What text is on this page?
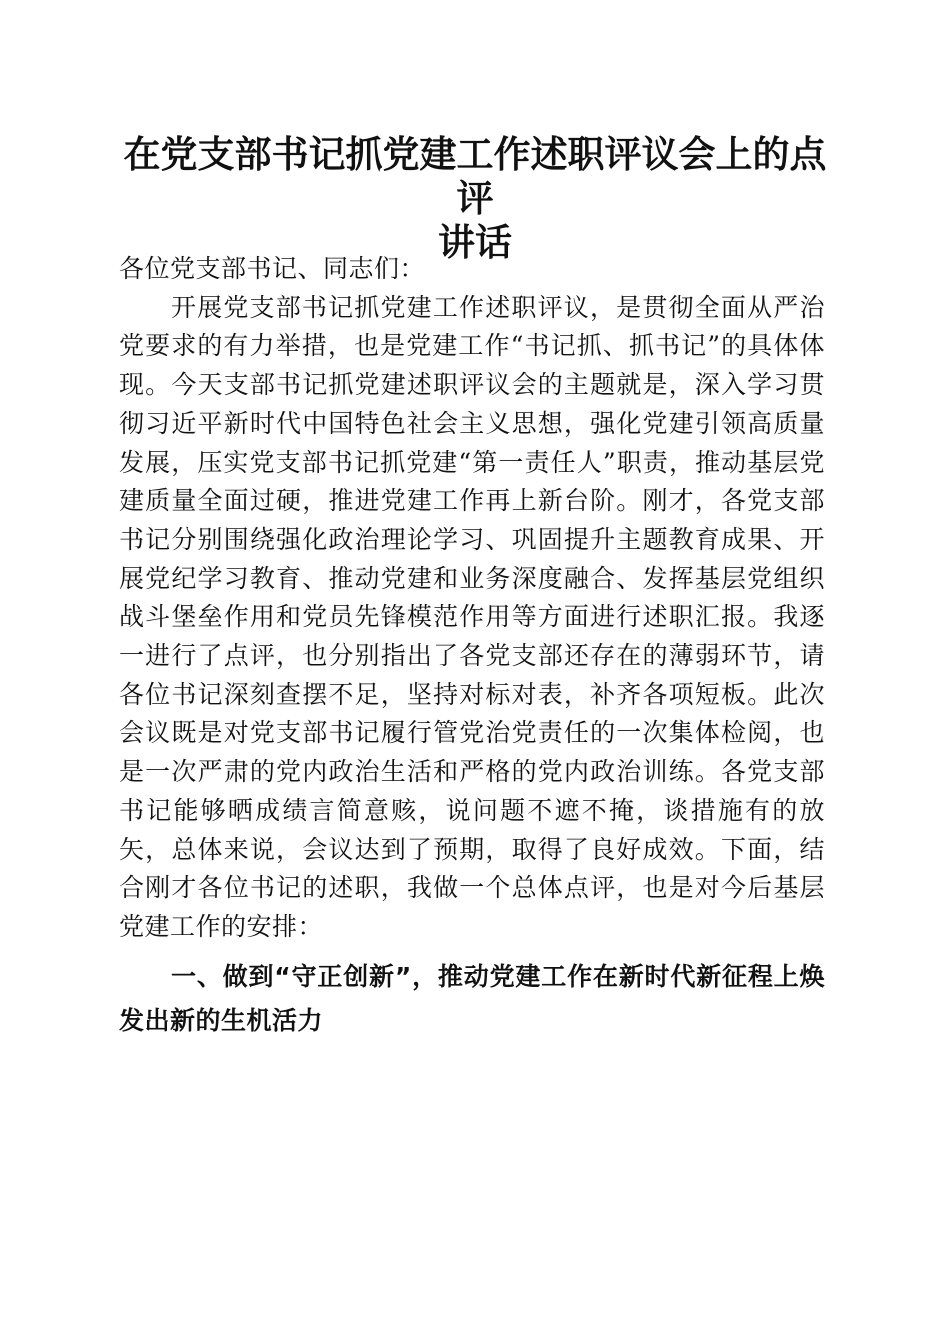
在党支部书记抓党建工作述职评议会上的点评
讲话

各位党支部书记、同志们：

开展党支部书记抓党建工作述职评议，是贯彻全面从严治党要求的有力举措，也是党建工作“书记抓、抓书记”的具体体现。今天支部书记抓党建述职评议会的主题就是，深入学习贯彻习近平新时代中国特色社会主义思想，强化党建引领高质量发展，压实党支部书记抓党建“第一责任人”职责，推动基层党建质量全面过硬，推进党建工作再上新台阶。刚才，各党支部书记分别围绕强化政治理论学习、巩固提升主题教育成果、开展党纪学习教育、推动党建和业务深度融合、发挥基层党组织战斗堡垒作用和党员先锋模范作用等方面进行述职汇报。我逐一进行了点评，也分别指出了各党支部还存在的薄弱环节，请各位书记深刻查摆不足，坚持对标对表，补齐各项短板。此次会议既是对党支部书记履行管党治党责任的一次集体检阅，也是一次严肃的党内政治生活和严格的党内政治训练。各党支部书记能够晒成绩言简意赅，说问题不遮不掩，谈措施有的放矢，总体来说，会议达到了预期，取得了良好成效。下面，结合刚才各位书记的述职，我做一个总体点评，也是对今后基层党建工作的安排：

一、做到“守正创新”，推动党建工作在新时代新征程上焕发出新的生机活力
